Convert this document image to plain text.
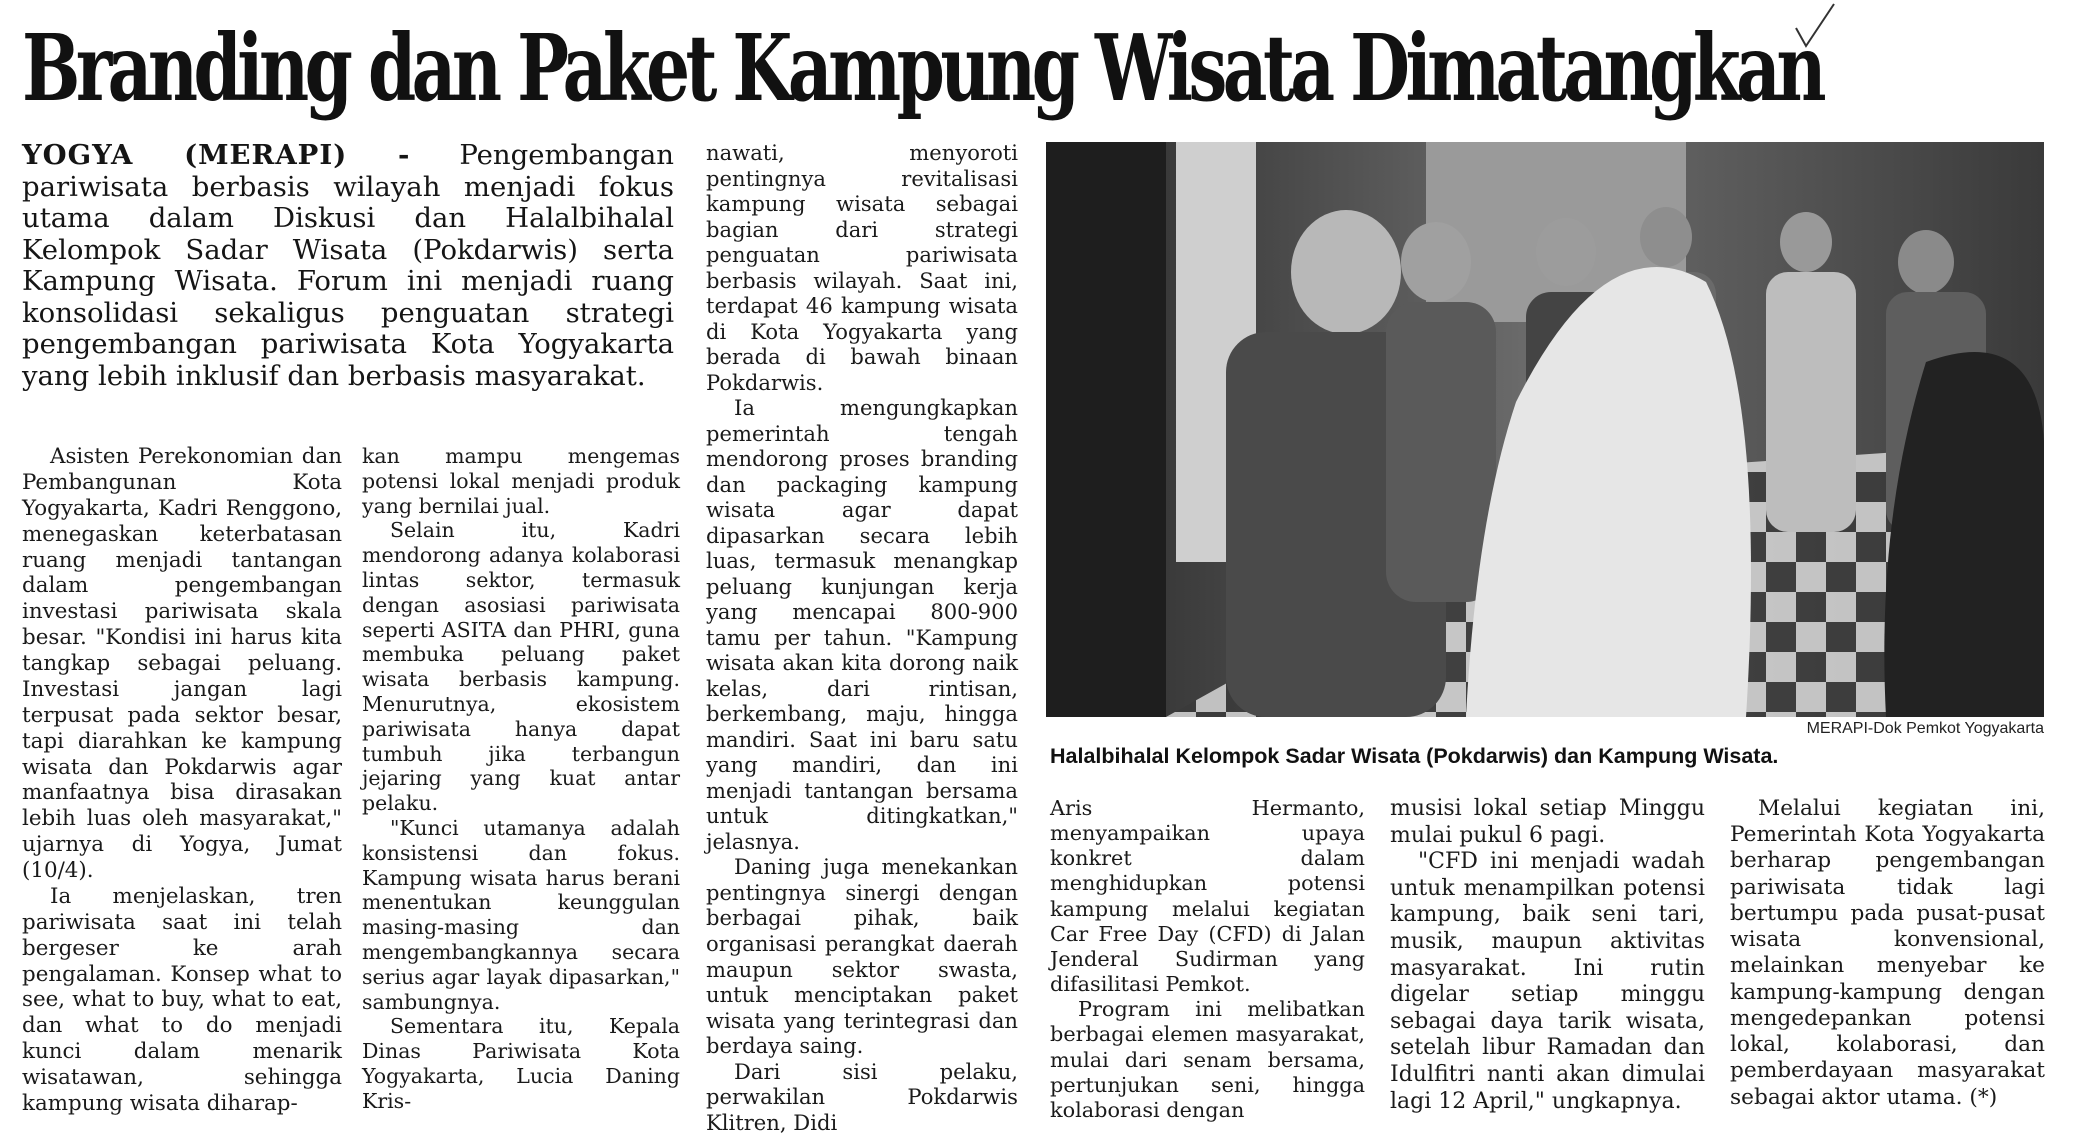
Branding dan Paket Kampung Wisata Dimatangkan
YOGYA (MERAPI) - Pengembangan pariwisata berbasis wilayah menjadi fokus utama dalam Diskusi dan Halalbihalal Kelompok Sadar Wisata (Pokdarwis) serta Kampung Wisata. Forum ini menjadi ruang konsolidasi sekaligus penguatan strategi pengembangan pariwisata Kota Yogyakarta yang lebih inklusif dan berbasis masyarakat.

Asisten Perekonomian dan Pembangunan Kota Yogyakarta, Kadri Renggono, menegaskan keterbatasan ruang menjadi tantangan dalam pengembangan investasi pariwisata skala besar. "Kondisi ini harus kita tangkap sebagai peluang. Investasi jangan lagi terpusat pada sektor besar, tapi diarahkan ke kampung wisata dan Pokdarwis agar manfaatnya bisa dirasakan lebih luas oleh masyarakat," ujarnya di Yogya, Jumat (10/4).

Ia menjelaskan, tren pariwisata saat ini telah bergeser ke arah pengalaman. Konsep what to see, what to buy, what to eat, dan what to do menjadi kunci dalam menarik wisatawan, sehingga kampung wisata diharap-

kan mampu mengemas potensi lokal menjadi produk yang bernilai jual.

Selain itu, Kadri mendorong adanya kolaborasi lintas sektor, termasuk dengan asosiasi pariwisata seperti ASITA dan PHRI, guna membuka peluang paket wisata berbasis kampung. Menurutnya, ekosistem pariwisata hanya dapat tumbuh jika terbangun jejaring yang kuat antar pelaku.

"Kunci utamanya adalah konsistensi dan fokus. Kampung wisata harus berani menentukan keunggulan masing-masing dan mengembangkannya secara serius agar layak dipasarkan," sambungnya.

Sementara itu, Kepala Dinas Pariwisata Kota Yogyakarta, Lucia Daning Kris-

nawati, menyoroti pentingnya revitalisasi kampung wisata sebagai bagian dari strategi penguatan pariwisata berbasis wilayah. Saat ini, terdapat 46 kampung wisata di Kota Yogyakarta yang berada di bawah binaan Pokdarwis.

Ia mengungkapkan pemerintah tengah mendorong proses branding dan packaging kampung wisata agar dapat dipasarkan secara lebih luas, termasuk menangkap peluang kunjungan kerja yang mencapai 800-900 tamu per tahun. "Kampung wisata akan kita dorong naik kelas, dari rintisan, berkembang, maju, hingga mandiri. Saat ini baru satu yang mandiri, dan ini menjadi tantangan bersama untuk ditingkatkan," jelasnya.

Daning juga menekankan pentingnya sinergi dengan berbagai pihak, baik organisasi perangkat daerah maupun sektor swasta, untuk menciptakan paket wisata yang terintegrasi dan berdaya saing.

Dari sisi pelaku, perwakilan Pokdarwis Klitren, Didi

MERAPI-Dok Pemkot Yogyakarta
Halalbihalal Kelompok Sadar Wisata (Pokdarwis) dan Kampung Wisata.

Aris Hermanto, menyampaikan upaya konkret dalam menghidupkan potensi kampung melalui kegiatan Car Free Day (CFD) di Jalan Jenderal Sudirman yang difasilitasi Pemkot.

Program ini melibatkan berbagai elemen masyarakat, mulai dari senam bersama, pertunjukan seni, hingga kolaborasi dengan

musisi lokal setiap Minggu mulai pukul 6 pagi.

"CFD ini menjadi wadah untuk menampilkan potensi kampung, baik seni tari, musik, maupun aktivitas masyarakat. Ini rutin digelar setiap minggu sebagai daya tarik wisata, setelah libur Ramadan dan Idulfitri nanti akan dimulai lagi 12 April," ungkapnya.

Melalui kegiatan ini, Pemerintah Kota Yogyakarta berharap pengembangan pariwisata tidak lagi bertumpu pada pusat-pusat wisata konvensional, melainkan menyebar ke kampung-kampung dengan mengedepankan potensi lokal, kolaborasi, dan pemberdayaan masyarakat sebagai aktor utama. (*)
